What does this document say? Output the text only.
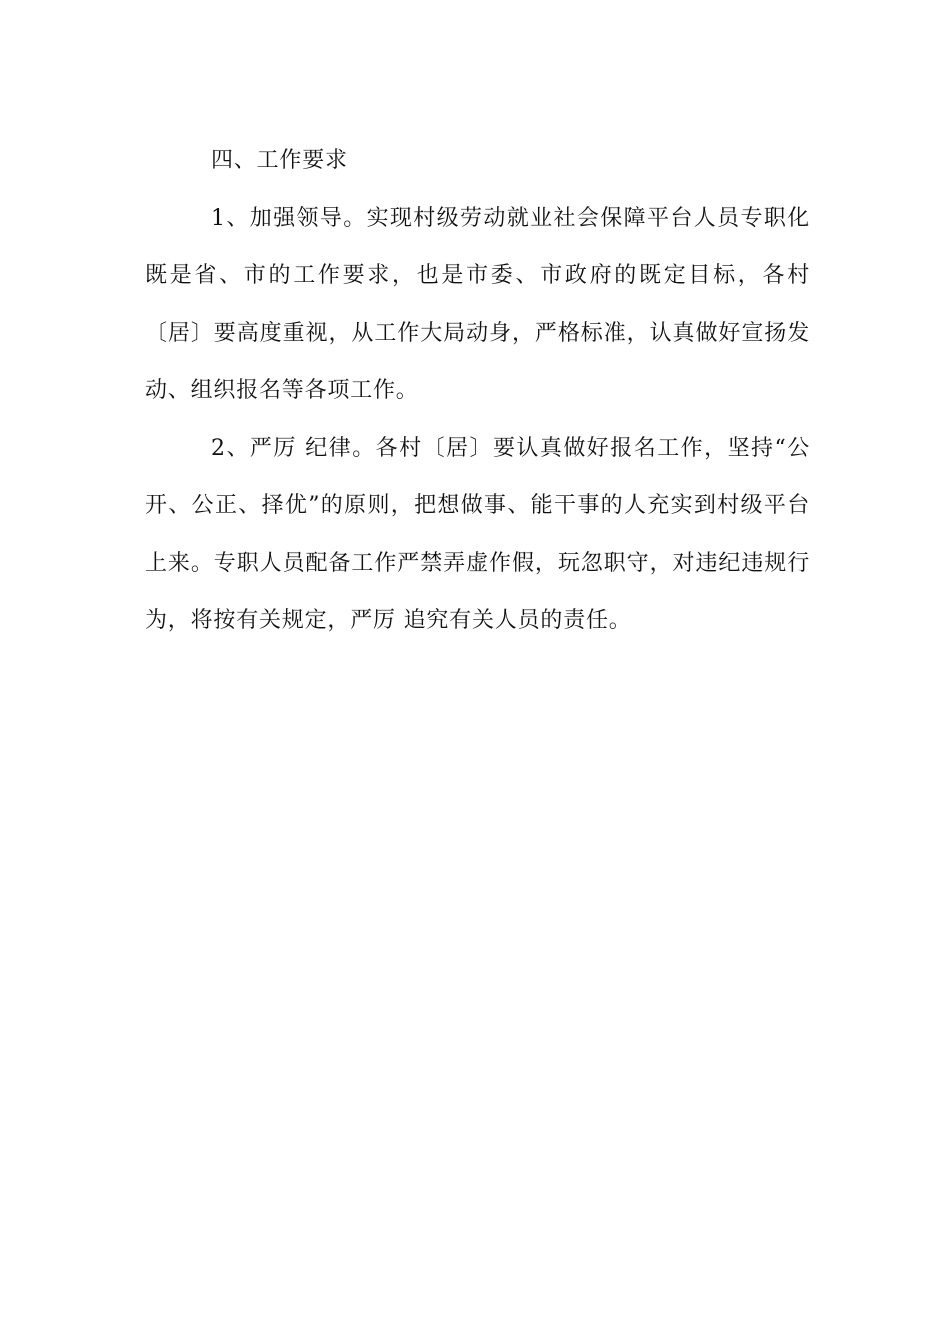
四、工作要求

1、加强领导。实现村级劳动就业社会保障平台人员专职化既是省、市的工作要求，也是市委、市政府的既定目标，各村〔居〕要高度重视，从工作大局动身，严格标准，认真做好宣扬发动、组织报名等各项工作。

2、严厉 纪律。各村〔居〕要认真做好报名工作，坚持“公开、公正、择优”的原则，把想做事、能干事的人充实到村级平台上来。专职人员配备工作严禁弄虚作假，玩忽职守，对违纪违规行为，将按有关规定，严厉 追究有关人员的责任。
